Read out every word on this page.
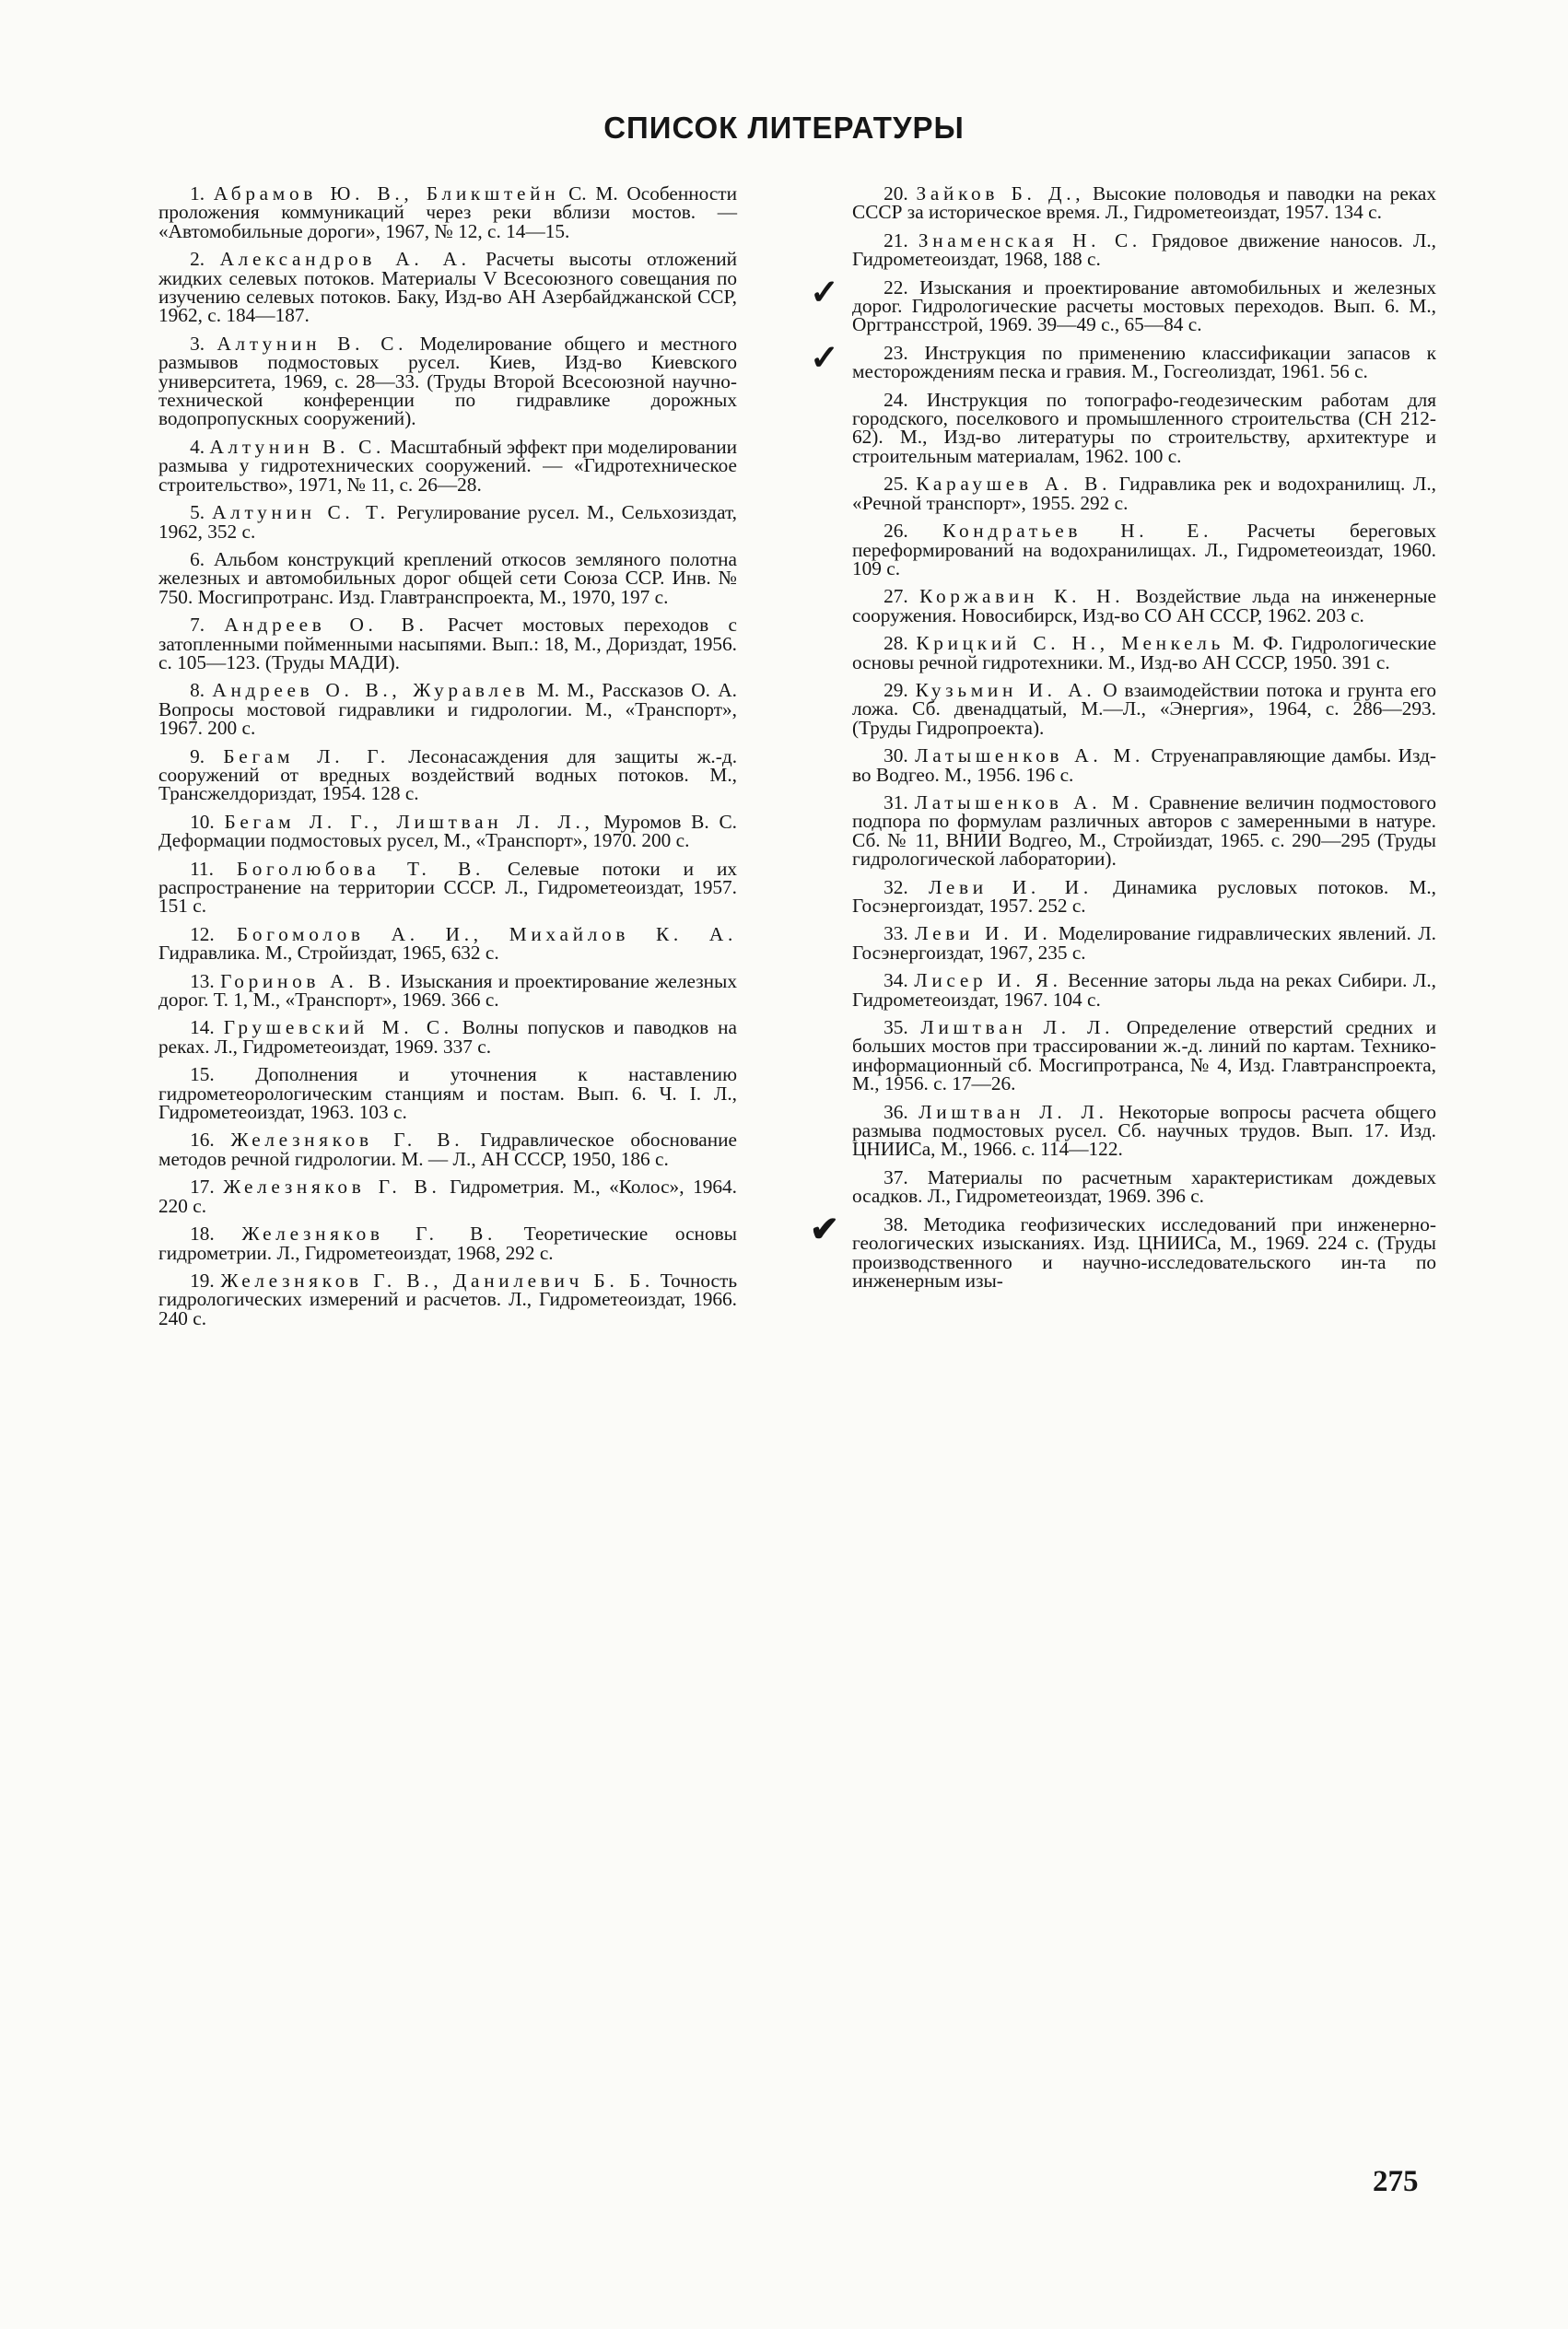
СПИСОК ЛИТЕРАТУРЫ

1. Абрамов Ю. В., Бликштейн С. М. Особенности проложения коммуникаций через реки вблизи мостов. — «Автомобильные дороги», 1967, № 12, с. 14—15.

2. Александров А. А. Расчеты высоты отложений жидких селевых потоков. Материалы V Всесоюзного совещания по изучению селевых потоков. Баку, Изд-во АН Азербайджанской ССР, 1962, с. 184—187.

3. Алтунин В. С. Моделирование общего и местного размывов подмостовых русел. Киев, Изд-во Киевского университета, 1969, с. 28—33. (Труды Второй Всесоюзной научно-технической конференции по гидравлике дорожных водопропускных сооружений).

4. Алтунин В. С. Масштабный эффект при моделировании размыва у гидротехнических сооружений. — «Гидротехническое строительство», 1971, № 11, с. 26—28.

5. Алтунин С. Т. Регулирование русел. М., Сельхозиздат, 1962, 352 с.

6. Альбом конструкций креплений откосов земляного полотна железных и автомобильных дорог общей сети Союза ССР. Инв. № 750. Мосгипротранс. Изд. Главтранспроекта, М., 1970, 197 с.

7. Андреев О. В. Расчет мостовых переходов с затопленными пойменными насыпями. Вып.: 18, М., Дориздат, 1956. с. 105—123. (Труды МАДИ).

8. Андреев О. В., Журавлев М. М., Рассказов О. А. Вопросы мостовой гидравлики и гидрологии. М., «Транспорт», 1967. 200 с.

9. Бегам Л. Г. Лесонасаждения для защиты ж.-д. сооружений от вредных воздействий водных потоков. М., Трансжелдориздат, 1954. 128 с.

10. Бегам Л. Г., Лиштван Л. Л., Муромов В. С. Деформации подмостовых русел, М., «Транспорт», 1970. 200 с.

11. Боголюбова Т. В. Селевые потоки и их распространение на территории СССР. Л., Гидрометеоиздат, 1957. 151 с.

12. Богомолов А. И., Михайлов К. А. Гидравлика. М., Стройиздат, 1965, 632 с.

13. Горинов А. В. Изыскания и проектирование железных дорог. Т. 1, М., «Транспорт», 1969. 366 с.

14. Грушевский М. С. Волны попусков и паводков на реках. Л., Гидрометеоиздат, 1969. 337 с.

15. Дополнения и уточнения к наставлению гидрометеорологическим станциям и постам. Вып. 6. Ч. I. Л., Гидрометеоиздат, 1963. 103 с.

16. Железняков Г. В. Гидравлическое обоснование методов речной гидрологии. М. — Л., АН СССР, 1950, 186 с.

17. Железняков Г. В. Гидрометрия. М., «Колос», 1964. 220 с.

18. Железняков Г. В. Теоретические основы гидрометрии. Л., Гидрометеоиздат, 1968, 292 с.

19. Железняков Г. В., Данилевич Б. Б. Точность гидрологических измерений и расчетов. Л., Гидрометеоиздат, 1966. 240 с.

20. Зайков Б. Д., Высокие половодья и паводки на реках СССР за историческое время. Л., Гидрометеоиздат, 1957. 134 с.

21. Знаменская Н. С. Грядовое движение наносов. Л., Гидрометеоиздат, 1968, 188 с.

✓ 22. Изыскания и проектирование автомобильных и железных дорог. Гидрологические расчеты мостовых переходов. Вып. 6. М., Оргтрансстрой, 1969. 39—49 с., 65—84 с.

✓ 23. Инструкция по применению классификации запасов к месторождениям песка и гравия. М., Госгеолиздат, 1961. 56 с.

24. Инструкция по топографо-геодезическим работам для городского, поселкового и промышленного строительства (СН 212-62). М., Изд-во литературы по строительству, архитектуре и строительным материалам, 1962. 100 с.

25. Караушев А. В. Гидравлика рек и водохранилищ. Л., «Речной транспорт», 1955. 292 с.

26. Кондратьев Н. Е. Расчеты береговых переформирований на водохранилищах. Л., Гидрометеоиздат, 1960. 109 с.

27. Коржавин К. Н. Воздействие льда на инженерные сооружения. Новосибирск, Изд-во СО АН СССР, 1962. 203 с.

28. Крицкий С. Н., Менкель М. Ф. Гидрологические основы речной гидротехники. М., Изд-во АН СССР, 1950. 391 с.

29. Кузьмин И. А. О взаимодействии потока и грунта его ложа. Сб. двенадцатый, М.—Л., «Энергия», 1964, с. 286—293. (Труды Гидропроекта).

30. Латышенков А. М. Струенаправляющие дамбы. Изд-во Водгео. М., 1956. 196 с.

31. Латышенков А. М. Сравнение величин подмостового подпора по формулам различных авторов с замеренными в натуре. Сб. № 11, ВНИИ Водгео, М., Стройиздат, 1965. с. 290—295 (Труды гидрологической лаборатории).

32. Леви И. И. Динамика русловых потоков. М., Госэнергоиздат, 1957. 252 с.

33. Леви И. И. Моделирование гидравлических явлений. Л. Госэнергоиздат, 1967, 235 с.

34. Лисер И. Я. Весенние заторы льда на реках Сибири. Л., Гидрометеоиздат, 1967. 104 с.

35. Лиштван Л. Л. Определение отверстий средних и больших мостов при трассировании ж.-д. линий по картам. Технико-информационный сб. Мосгипротранса, № 4, Изд. Главтранспроекта, М., 1956. с. 17—26.

36. Лиштван Л. Л. Некоторые вопросы расчета общего размыва подмостовых русел. Сб. научных трудов. Вып. 17. Изд. ЦНИИСа, М., 1966. с. 114—122.

37. Материалы по расчетным характеристикам дождевых осадков. Л., Гидрометеоиздат, 1969. 396 с.

✔ 38. Методика геофизических исследований при инженерно-геологических изысканиях. Изд. ЦНИИСа, М., 1969. 224 с. (Труды производственного и научно-исследовательского ин-та по инженерным изы-

275
